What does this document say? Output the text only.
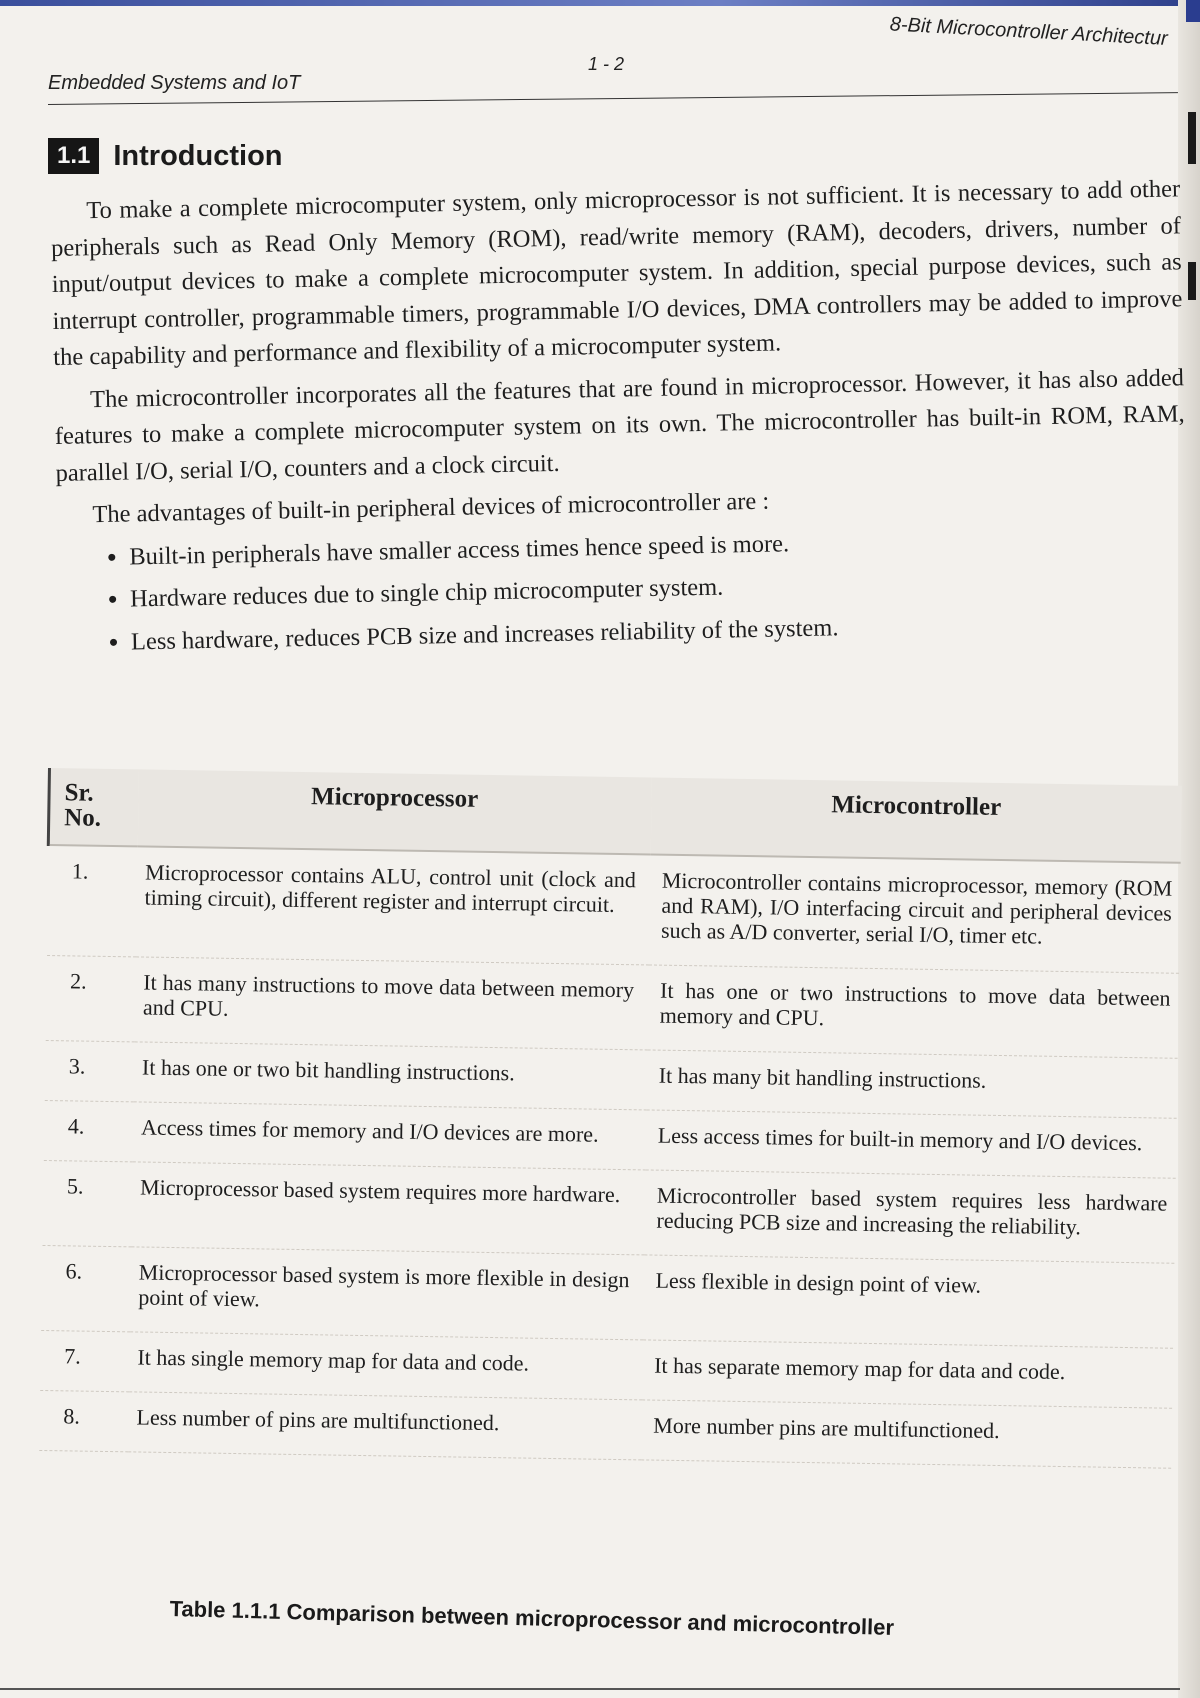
Embedded Systems and IoT
1 - 2
8-Bit Microcontroller Architectur
1.1 Introduction

To make a complete microcomputer system, only microprocessor is not sufficient. It is necessary to add other peripherals such as Read Only Memory (ROM), read/write memory (RAM), decoders, drivers, number of input/output devices to make a complete microcomputer system. In addition, special purpose devices, such as interrupt controller, programmable timers, programmable I/O devices, DMA controllers may be added to improve the capability and performance and flexibility of a microcomputer system.

The microcontroller incorporates all the features that are found in microprocessor. However, it has also added features to make a complete microcomputer system on its own. The microcontroller has built-in ROM, RAM, parallel I/O, serial I/O, counters and a clock circuit.

The advantages of built-in peripheral devices of microcontroller are :

• Built-in peripherals have smaller access times hence speed is more.
• Hardware reduces due to single chip microcomputer system.
• Less hardware, reduces PCB size and increases reliability of the system.
Sr. No.	Microprocessor	Microcontroller
1.	Microprocessor contains ALU, control unit (clock and timing circuit), different register and interrupt circuit.	Microcontroller contains microprocessor, memory (ROM and RAM), I/O interfacing circuit and peripheral devices such as A/D converter, serial I/O, timer etc.
2.	It has many instructions to move data between memory and CPU.	It has one or two instructions to move data between memory and CPU.
3.	It has one or two bit handling instructions.	It has many bit handling instructions.
4.	Access times for memory and I/O devices are more.	Less access times for built-in memory and I/O devices.
5.	Microprocessor based system requires more hardware.	Microcontroller based system requires less hardware reducing PCB size and increasing the reliability.
6.	Microprocessor based system is more flexible in design point of view.	Less flexible in design point of view.
7.	It has single memory map for data and code.	It has separate memory map for data and code.
8.	Less number of pins are multifunctioned.	More number pins are multifunctioned.
Table 1.1.1 Comparison between microprocessor and microcontroller
